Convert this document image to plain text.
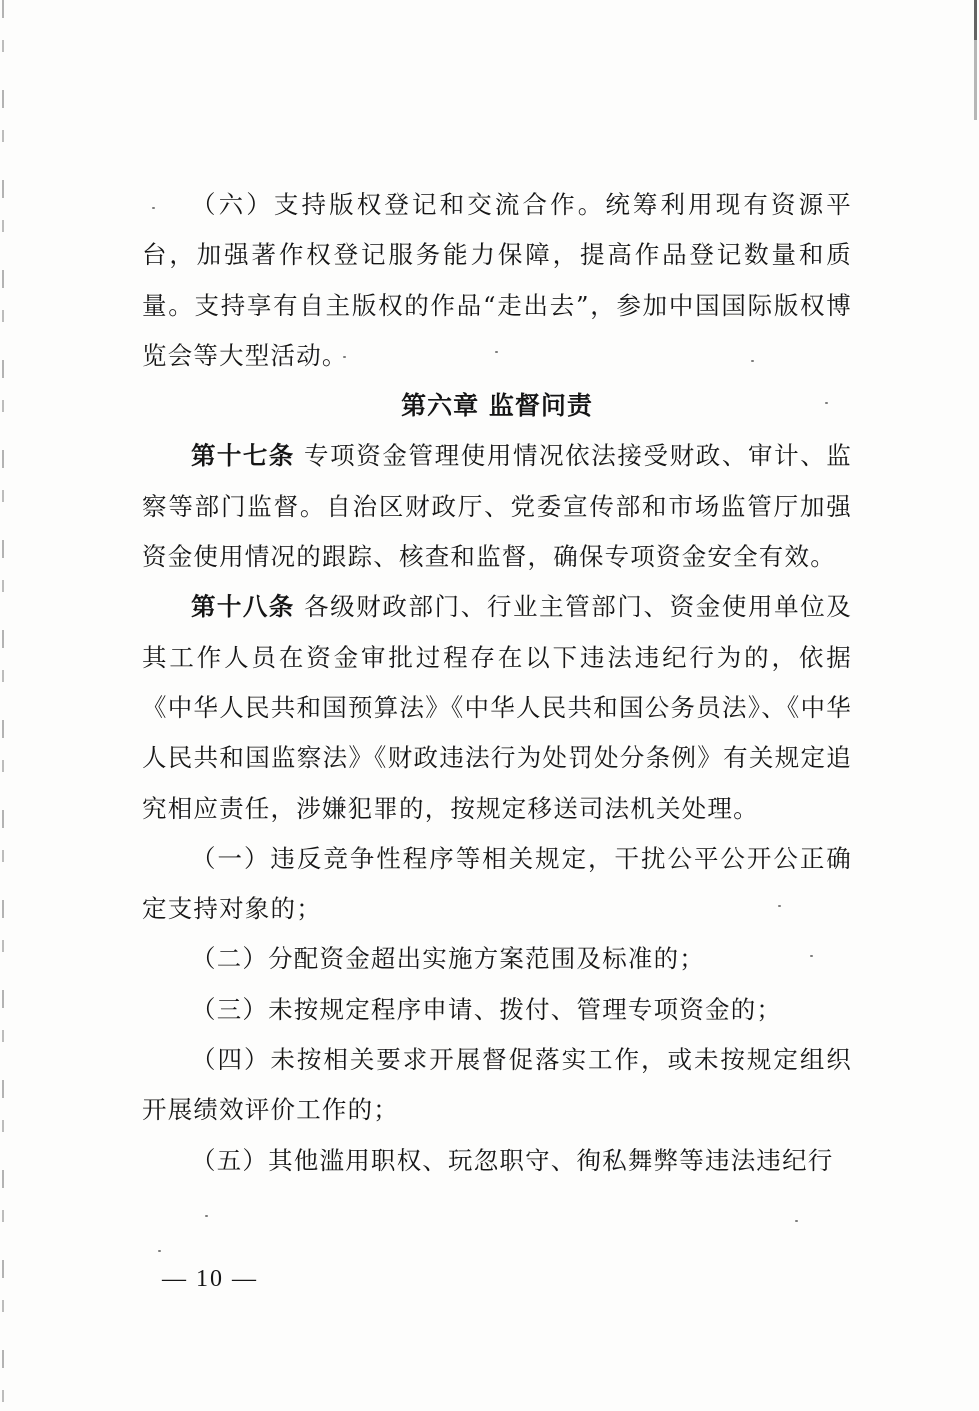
（六）支持版权登记和交流合作。统筹利用现有资源平台，加强著作权登记服务能力保障，提高作品登记数量和质量。支持享有自主版权的作品“走出去”，参加中国国际版权博览会等大型活动。

第六章 监督问责

第十七条 专项资金管理使用情况依法接受财政、审计、监察等部门监督。自治区财政厅、党委宣传部和市场监管厅加强资金使用情况的跟踪、核查和监督，确保专项资金安全有效。

第十八条 各级财政部门、行业主管部门、资金使用单位及其工作人员在资金审批过程存在以下违法违纪行为的，依据《中华人民共和国预算法》《中华人民共和国公务员法》、《中华人民共和国监察法》《财政违法行为处罚处分条例》有关规定追究相应责任，涉嫌犯罪的，按规定移送司法机关处理。

（一）违反竞争性程序等相关规定，干扰公平公开公正确定支持对象的；

（二）分配资金超出实施方案范围及标准的；

（三）未按规定程序申请、拨付、管理专项资金的；

（四）未按相关要求开展督促落实工作，或未按规定组织开展绩效评价工作的；

（五）其他滥用职权、玩忽职守、徇私舞弊等违法违纪行

— 10 —
